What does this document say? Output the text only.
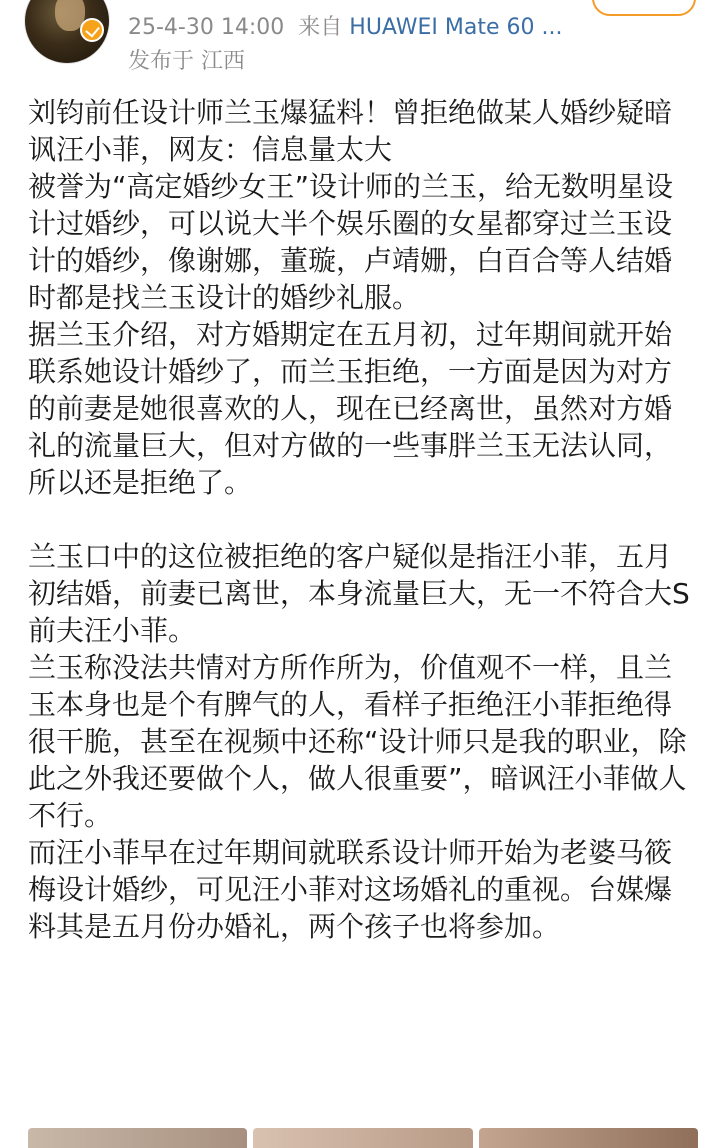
25-4-30 14:00 来自 HUAWEI Mate 60 ...
发布于 江西

刘钧前任设计师兰玉爆猛料！曾拒绝做某人婚纱疑暗讽汪小菲，网友：信息量太大

被誉为“高定婚纱女王”设计师的兰玉，给无数明星设计过婚纱，可以说大半个娱乐圈的女星都穿过兰玉设计的婚纱，像谢娜，董璇，卢靖姗，白百合等人结婚时都是找兰玉设计的婚纱礼服。

据兰玉介绍，对方婚期定在五月初，过年期间就开始联系她设计婚纱了，而兰玉拒绝，一方面是因为对方的前妻是她很喜欢的人，现在已经离世，虽然对方婚礼的流量巨大，但对方做的一些事胖兰玉无法认同，所以还是拒绝了。

兰玉口中的这位被拒绝的客户疑似是指汪小菲，五月初结婚，前妻已离世，本身流量巨大，无一不符合大S前夫汪小菲。

兰玉称没法共情对方所作所为，价值观不一样，且兰玉本身也是个有脾气的人，看样子拒绝汪小菲拒绝得很干脆，甚至在视频中还称“设计师只是我的职业，除此之外我还要做个人，做人很重要”，暗讽汪小菲做人不行。

而汪小菲早在过年期间就联系设计师开始为老婆马筱梅设计婚纱，可见汪小菲对这场婚礼的重视。台媒爆料其是五月份办婚礼，两个孩子也将参加。
